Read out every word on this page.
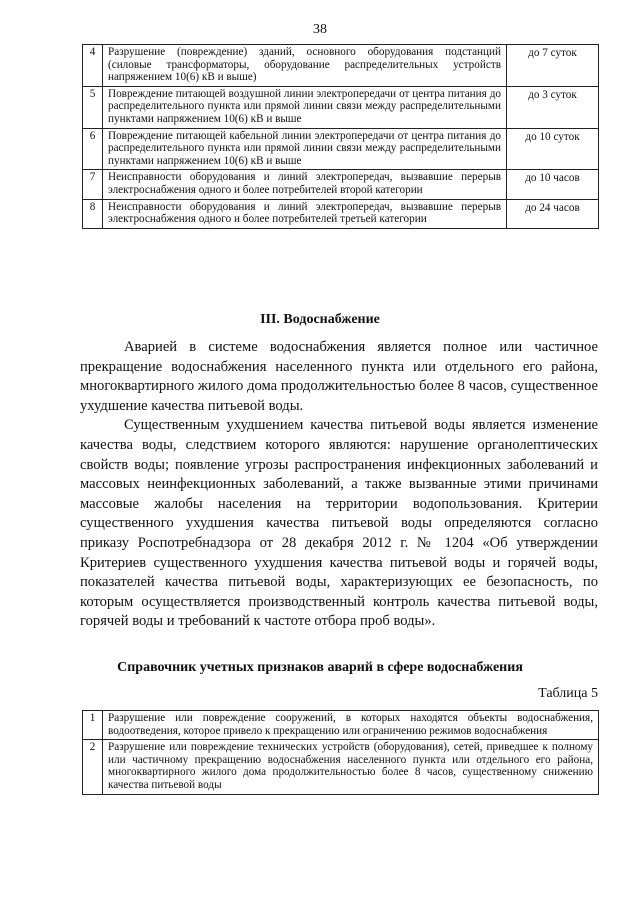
38
4	Разрушение (повреждение) зданий, основного оборудования подстанций (силовые трансформаторы, оборудование распределительных устройств напряжением 10(6) кВ и выше)	до 7 суток
5	Повреждение питающей воздушной линии электропередачи от центра питания до распределительного пункта или прямой линии связи между распределительными пунктами напряжением 10(6) кВ и выше	до 3 суток
6	Повреждение питающей кабельной линии электропередачи от центра питания до распределительного пункта или прямой линии связи между распределительными пунктами напряжением 10(6) кВ и выше	до 10 суток
7	Неисправности оборудования и линий электропередач, вызвавшие перерыв электроснабжения одного и более потребителей второй категории	до 10 часов
8	Неисправности оборудования и линий электропередач, вызвавшие перерыв электроснабжения одного и более потребителей третьей категории	до 24 часов
III. Водоснабжение

Аварией в системе водоснабжения является полное или частичное прекращение водоснабжения населенного пункта или отдельного его района, многоквартирного жилого дома продолжительностью более 8 часов, существенное ухудшение качества питьевой воды.

Существенным ухудшением качества питьевой воды является изменение качества воды, следствием которого являются: нарушение органолептических свойств воды; появление угрозы распространения инфекционных заболеваний и массовых неинфекционных заболеваний, а также вызванные этими причинами массовые жалобы населения на территории водопользования. Критерии существенного ухудшения качества питьевой воды определяются согласно приказу Роспотребнадзора от 28 декабря 2012 г. № 1204 «Об утверждении Критериев существенного ухудшения качества питьевой воды и горячей воды, показателей качества питьевой воды, характеризующих ее безопасность, по которым осуществляется производственный контроль качества питьевой воды, горячей воды и требований к частоте отбора проб воды».

Справочник учетных признаков аварий в сфере водоснабжения
Таблица 5
1	Разрушение или повреждение сооружений, в которых находятся объекты водоснабжения, водоотведения, которое привело к прекращению или ограничению режимов водоснабжения
2	Разрушение или повреждение технических устройств (оборудования), сетей, приведшее к полному или частичному прекращению водоснабжения населенного пункта или отдельного его района, многоквартирного жилого дома продолжительностью более 8 часов, существенному снижению качества питьевой воды
